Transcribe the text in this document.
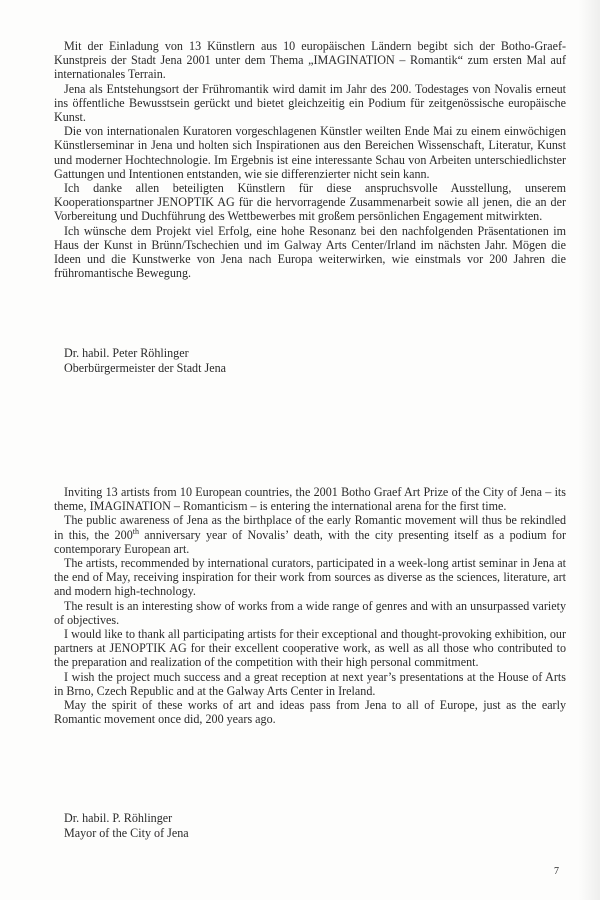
Mit der Einladung von 13 Künstlern aus 10 europäischen Ländern begibt sich der Botho-Graef-Kunstpreis der Stadt Jena 2001 unter dem Thema „IMAGINATION – Romantik“ zum ersten Mal auf internationales Terrain.

Jena als Entstehungsort der Frühromantik wird damit im Jahr des 200. Todestages von Novalis erneut ins öffentliche Bewusstsein gerückt und bietet gleichzeitig ein Podium für zeitgenössische europäische Kunst.

Die von internationalen Kuratoren vorgeschlagenen Künstler weilten Ende Mai zu einem einwöchigen Künstlerseminar in Jena und holten sich Inspirationen aus den Bereichen Wissenschaft, Literatur, Kunst und moderner Hochtechnologie. Im Ergebnis ist eine interessante Schau von Arbeiten unterschiedlichster Gattungen und Intentionen entstanden, wie sie differenzierter nicht sein kann.

Ich danke allen beteiligten Künstlern für diese anspruchsvolle Ausstellung, unserem Kooperationspartner JENOPTIK AG für die hervorragende Zusammenarbeit sowie all jenen, die an der Vorbereitung und Duchführung des Wettbewerbes mit großem persönlichen Engagement mitwirkten.

Ich wünsche dem Projekt viel Erfolg, eine hohe Resonanz bei den nachfolgenden Präsentationen im Haus der Kunst in Brünn/Tschechien und im Galway Arts Center/Irland im nächsten Jahr. Mögen die Ideen und die Kunstwerke von Jena nach Europa weiterwirken, wie einstmals vor 200 Jahren die frühromantische Bewegung.

Dr. habil. Peter Röhlinger
Oberbürgermeister der Stadt Jena

Inviting 13 artists from 10 European countries, the 2001 Botho Graef Art Prize of the City of Jena – its theme, IMAGINATION – Romanticism – is entering the international arena for the first time.

The public awareness of Jena as the birthplace of the early Romantic movement will thus be rekindled in this, the 200th anniversary year of Novalis’ death, with the city presenting itself as a podium for contemporary European art.

The artists, recommended by international curators, participated in a week-long artist seminar in Jena at the end of May, receiving inspiration for their work from sources as diverse as the sciences, literature, art and modern high-technology.

The result is an interesting show of works from a wide range of genres and with an unsurpassed variety of objectives.

I would like to thank all participating artists for their exceptional and thought-provoking exhibition, our partners at JENOPTIK AG for their excellent cooperative work, as well as all those who contributed to the preparation and realization of the competition with their high personal commitment.

I wish the project much success and a great reception at next year’s presentations at the House of Arts in Brno, Czech Republic and at the Galway Arts Center in Ireland.

May the spirit of these works of art and ideas pass from Jena to all of Europe, just as the early Romantic movement once did, 200 years ago.

Dr. habil. P. Röhlinger
Mayor of the City of Jena
7
